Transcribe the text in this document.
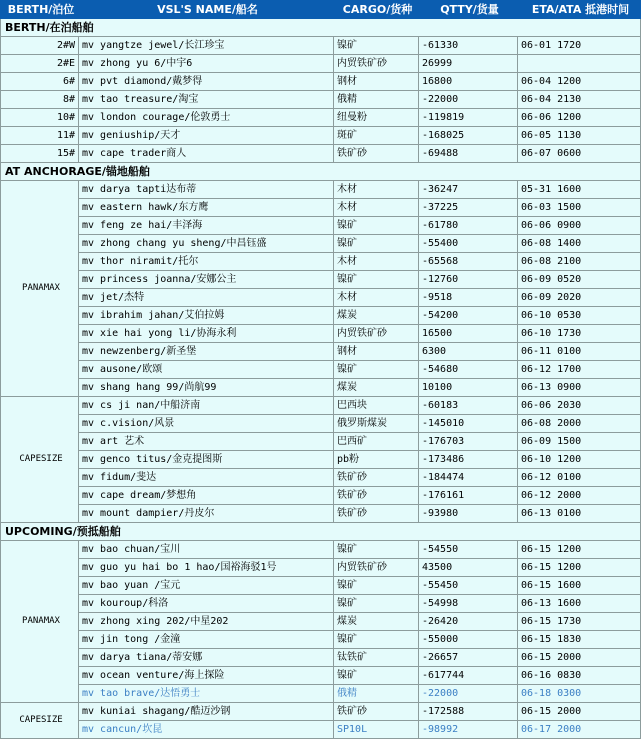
BERTH/泊位	VSL'S NAME/船名	CARGO/货种	QTTY/货量	ETA/ATA 抵港时间
BERTH/在泊船舶				
2#W	mv yangtze jewel/长江珍宝	镍矿	-61330	06-01 1720
2#E	mv zhong yu 6/中宇6	内贸铁矿砂	26999	
6#	mv pvt diamond/戴梦得	钢材	16800	06-04 1200
8#	mv tao treasure/淘宝	俄精	-22000	06-04 2130
10#	mv london courage/伦敦勇士	纽曼粉	-119819	06-06 1200
11#	mv geniuship/天才	斑矿	-168025	06-05 1130
15#	mv cape trader商人	铁矿砂	-69488	06-07 0600
AT ANCHORAGE/锚地船舶				
PANAMAX	mv darya tapti达布蒂	木材	-36247	05-31 1600
	mv eastern hawk/东方鹰	木材	-37225	06-03 1500
	mv feng ze hai/丰泽海	镍矿	-61780	06-06 0900
	mv zhong chang yu sheng/中昌钰盛	镍矿	-55400	06-08 1400
	mv thor niramit/托尔	木材	-65568	06-08 2100
	mv princess joanna/安娜公主	镍矿	-12760	06-09 0520
	mv jet/杰特	木材	-9518	06-09 2020
	mv ibrahim jahan/艾伯拉姆	煤炭	-54200	06-10 0530
	mv xie hai yong li/协海永利	内贸铁矿砂	16500	06-10 1730
	mv newzenberg/新圣堡	钢材	6300	06-11 0100
	mv ausone/欧颂	镍矿	-54680	06-12 1700
	mv shang hang 99/尚航99	煤炭	10100	06-13 0900
CAPESIZE	mv cs ji nan/中船济南	巴西块	-60183	06-06 2030
	mv c.vision/风景	俄罗斯煤炭	-145010	06-08 2000
	mv art 艺术	巴西矿	-176703	06-09 1500
	mv genco titus/金克提图斯	pb粉	-173486	06-10 1200
	mv fidum/斐达	铁矿砂	-184474	06-12 0100
	mv cape dream/梦想角	铁矿砂	-176161	06-12 2000
	mv mount dampier/丹皮尔	铁矿砂	-93980	06-13 0100
UPCOMING/预抵船舶				
PANAMAX	mv bao chuan/宝川	镍矿	-54550	06-15 1200
	mv guo yu hai bo 1 hao/国裕海驳1号	内贸铁矿砂	43500	06-15 1200
	mv bao yuan /宝元	镍矿	-55450	06-15 1600
	mv kouroup/科洛	镍矿	-54998	06-13 1600
	mv zhong xing 202/中星202	煤炭	-26420	06-15 1730
	mv jin tong /金潼	镍矿	-55000	06-15 1830
	mv darya tiana/蒂安娜	钛铁矿	-26657	06-15 2000
	mv ocean venture/海上探险	镍矿	-617744	06-16 0830
	mv tao brave/达悟勇士	俄精	-22000	06-18 0300
CAPESIZE	mv kuniai shagang/酷迈沙钢	铁矿砂	-172588	06-15 2000
	mv cancun/坎昆	SP10L	-98992	06-17 2000
